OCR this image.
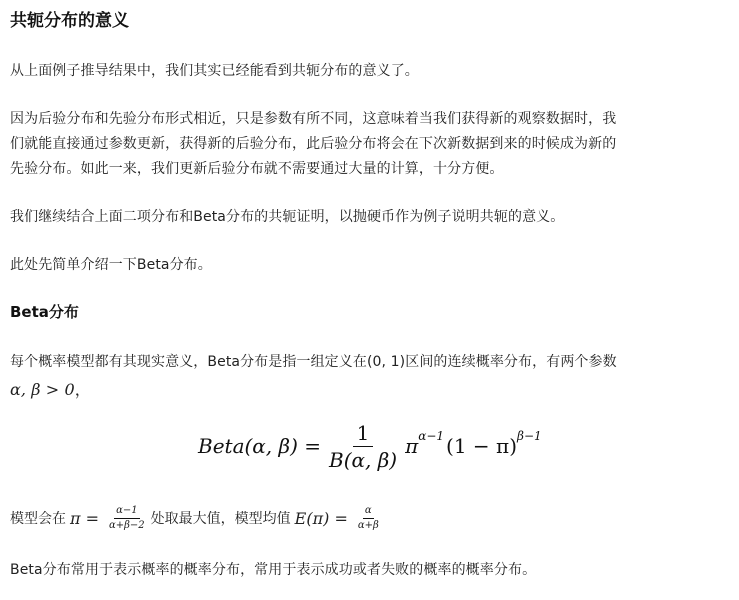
共轭分布的意义
从上面例子推导结果中，我们其实已经能看到共轭分布的意义了。
因为后验分布和先验分布形式相近，只是参数有所不同，这意味着当我们获得新的观察数据时，我
们就能直接通过参数更新，获得新的后验分布，此后验分布将会在下次新数据到来的时候成为新的
先验分布。如此一来，我们更新后验分布就不需要通过大量的计算，十分方便。
我们继续结合上面二项分布和Beta分布的共轭证明，以抛硬币作为例子说明共轭的意义。
此处先简单介绍一下Beta分布。
Beta分布
每个概率模型都有其现实意义，Beta分布是指一组定义在(0, 1)区间的连续概率分布，有两个参数
α, β > 0，
Beta(α, $\beta) = \frac{1}{B(\alpha, \beta)}$ π α−1 (1 − π) β−1
模型会在 $\pi = \frac{\alpha-1}{\alpha+\beta-2}$ 处取最大值，模型均值 $E(\pi) = \frac{\alpha}{\alpha+\beta}$
Beta分布常用于表示概率的概率分布，常用于表示成功或者失败的概率的概率分布。
